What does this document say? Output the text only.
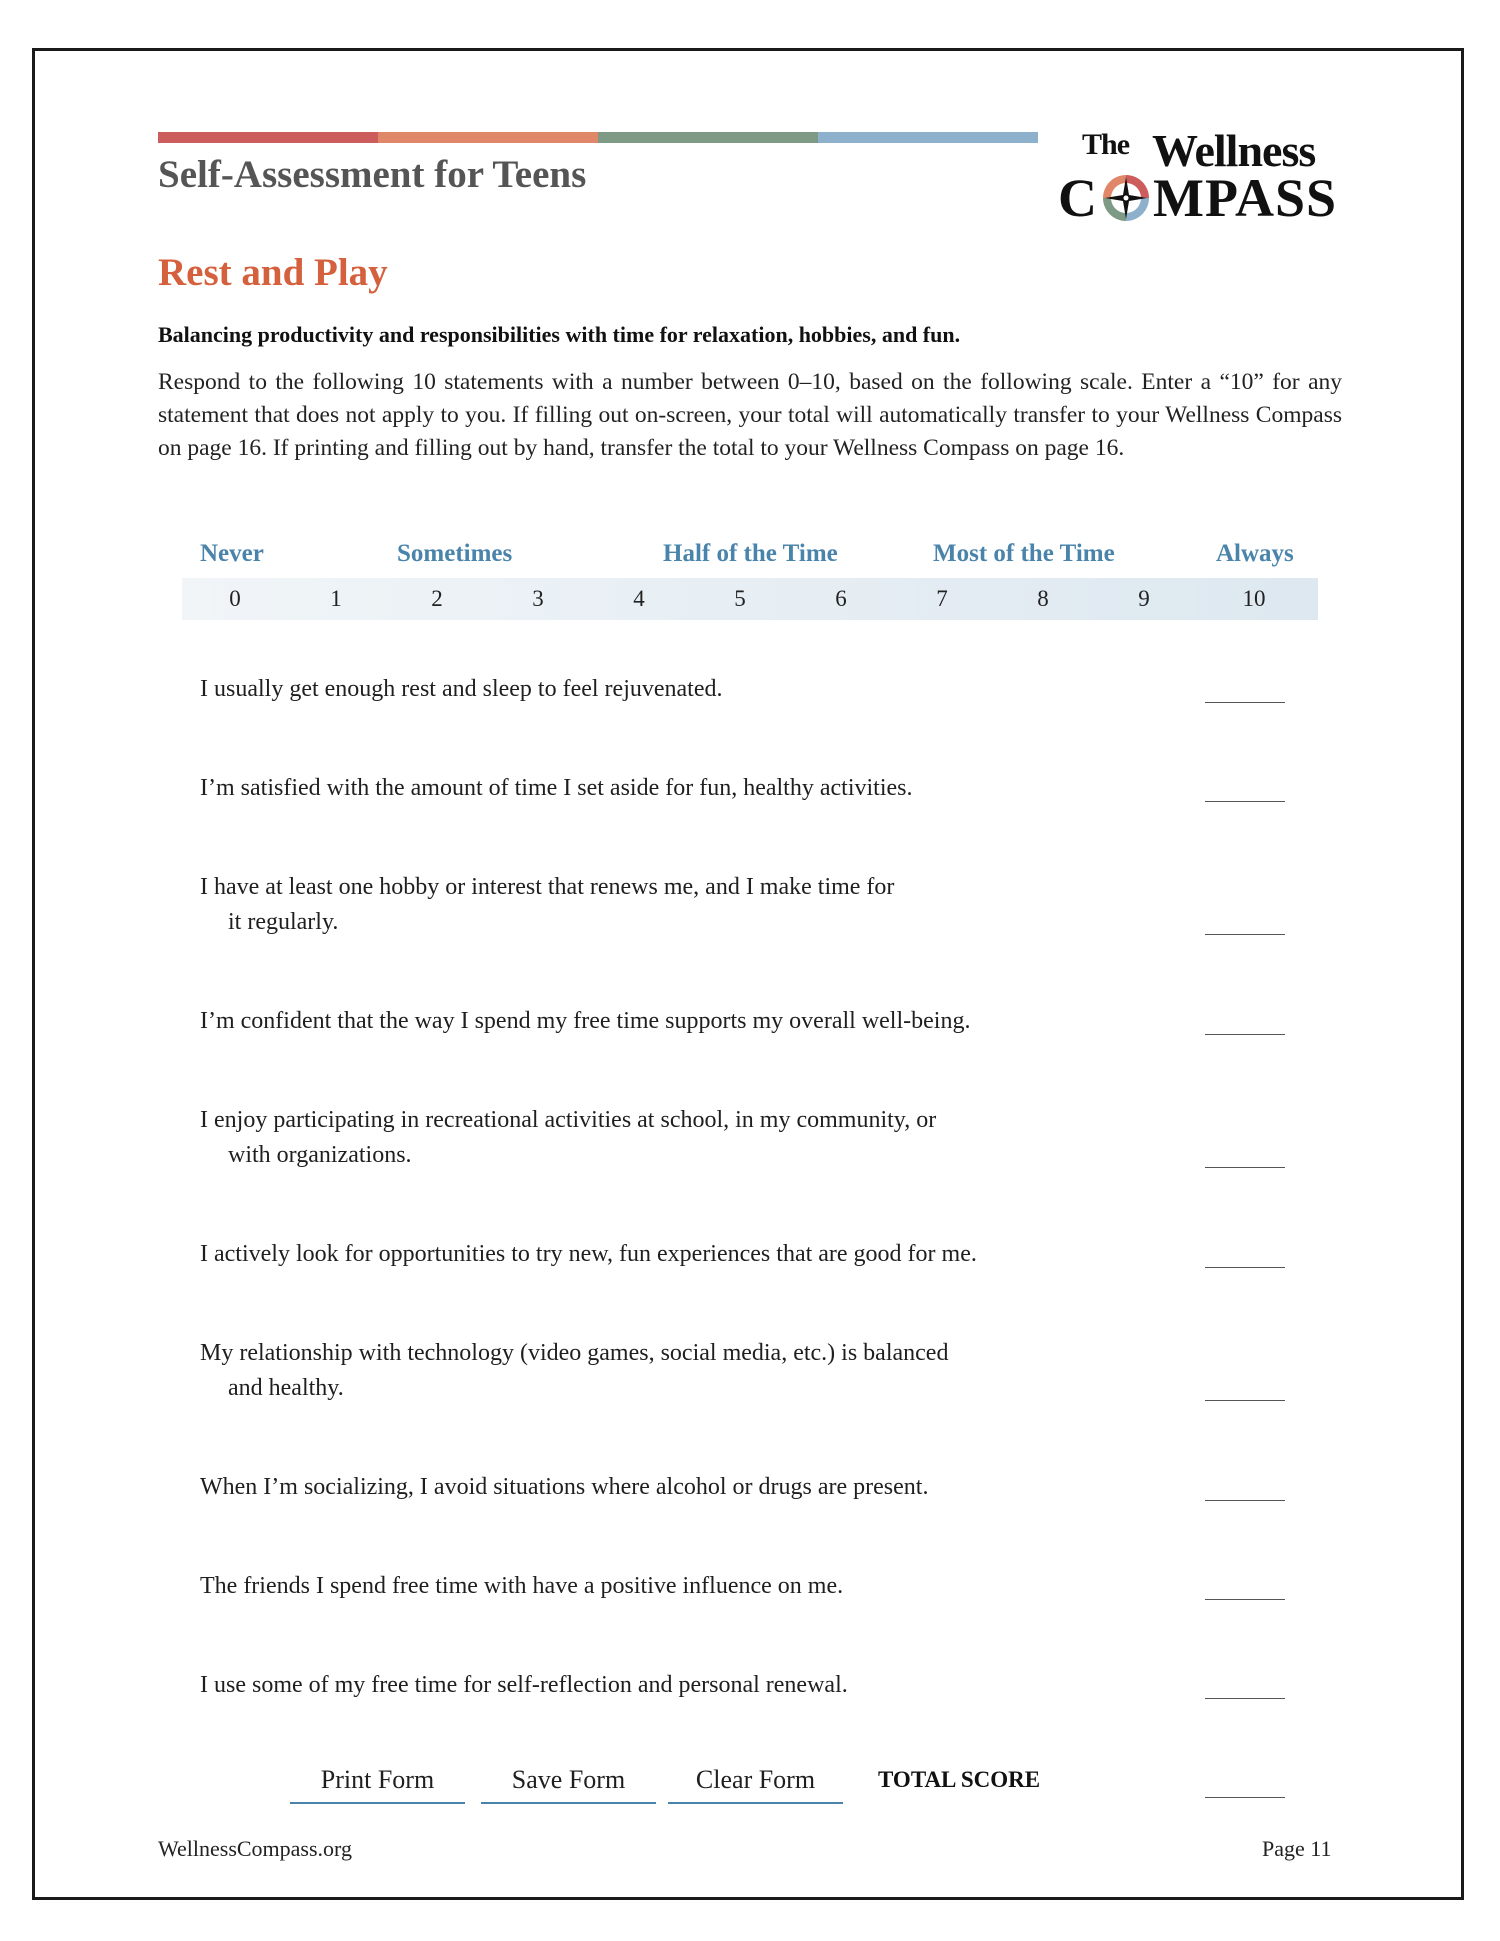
Self-Assessment for Teens
The Wellness
C MPASS
Rest and Play

Balancing productivity and responsibilities with time for relaxation, hobbies, and fun.

Respond to the following 10 statements with a number between 0–10, based on the following scale. Enter a “10” for any statement that does not apply to you. If filling out on-screen, your total will automatically transfer to your Wellness Compass on page 16. If printing and filling out by hand, transfer the total to your Wellness Compass on page 16.

Never	Sometimes	Half of the Time	Most of the Time	Always
0	1	2	3	4	5	6	7	8	9	10
I usually get enough rest and sleep to feel rejuvenated.
I’m satisfied with the amount of time I set aside for fun, healthy activities.
I have at least one hobby or interest that renews me, and I make time for
it regularly.
I’m confident that the way I spend my free time supports my overall well-being.
I enjoy participating in recreational activities at school, in my community, or
with organizations.
I actively look for opportunities to try new, fun experiences that are good for me.
My relationship with technology (video games, social media, etc.) is balanced
and healthy.
When I’m socializing, I avoid situations where alcohol or drugs are present.
The friends I spend free time with have a positive influence on me.
I use some of my free time for self-reflection and personal renewal.
Print Form	Save Form	Clear Form	TOTAL SCORE
WellnessCompass.org	Page 11
